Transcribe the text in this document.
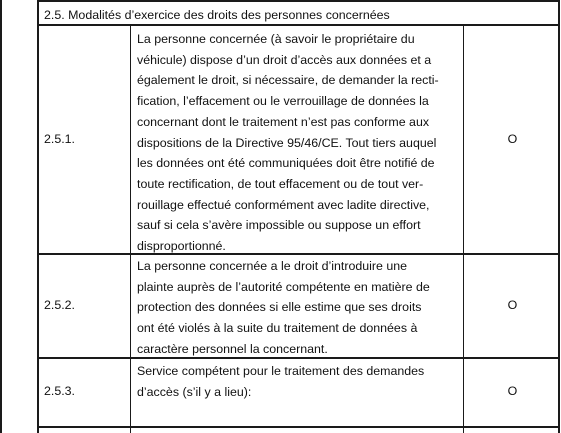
2.5. Modalités d’exercice des droits des personnes concernées
2.5.1.
La personne concernée (à savoir le propriétaire du
véhicule) dispose d’un droit d’accès aux données et a
également le droit, si nécessaire, de demander la recti-
fication, l’effacement ou le verrouillage de données la
concernant dont le traitement n’est pas conforme aux
dispositions de la Directive 95/46/CE. Tout tiers auquel
les données ont été communiquées doit être notifié de
toute rectification, de tout effacement ou de tout ver-
rouillage effectué conformément avec ladite directive,
sauf si cela s’avère impossible ou suppose un effort
disproportionné.
O
2.5.2.
La personne concernée a le droit d’introduire une
plainte auprès de l’autorité compétente en matière de
protection des données si elle estime que ses droits
ont été violés à la suite du traitement de données à
caractère personnel la concernant.
O
2.5.3.
Service compétent pour le traitement des demandes
d’accès (s’il y a lieu):	O
